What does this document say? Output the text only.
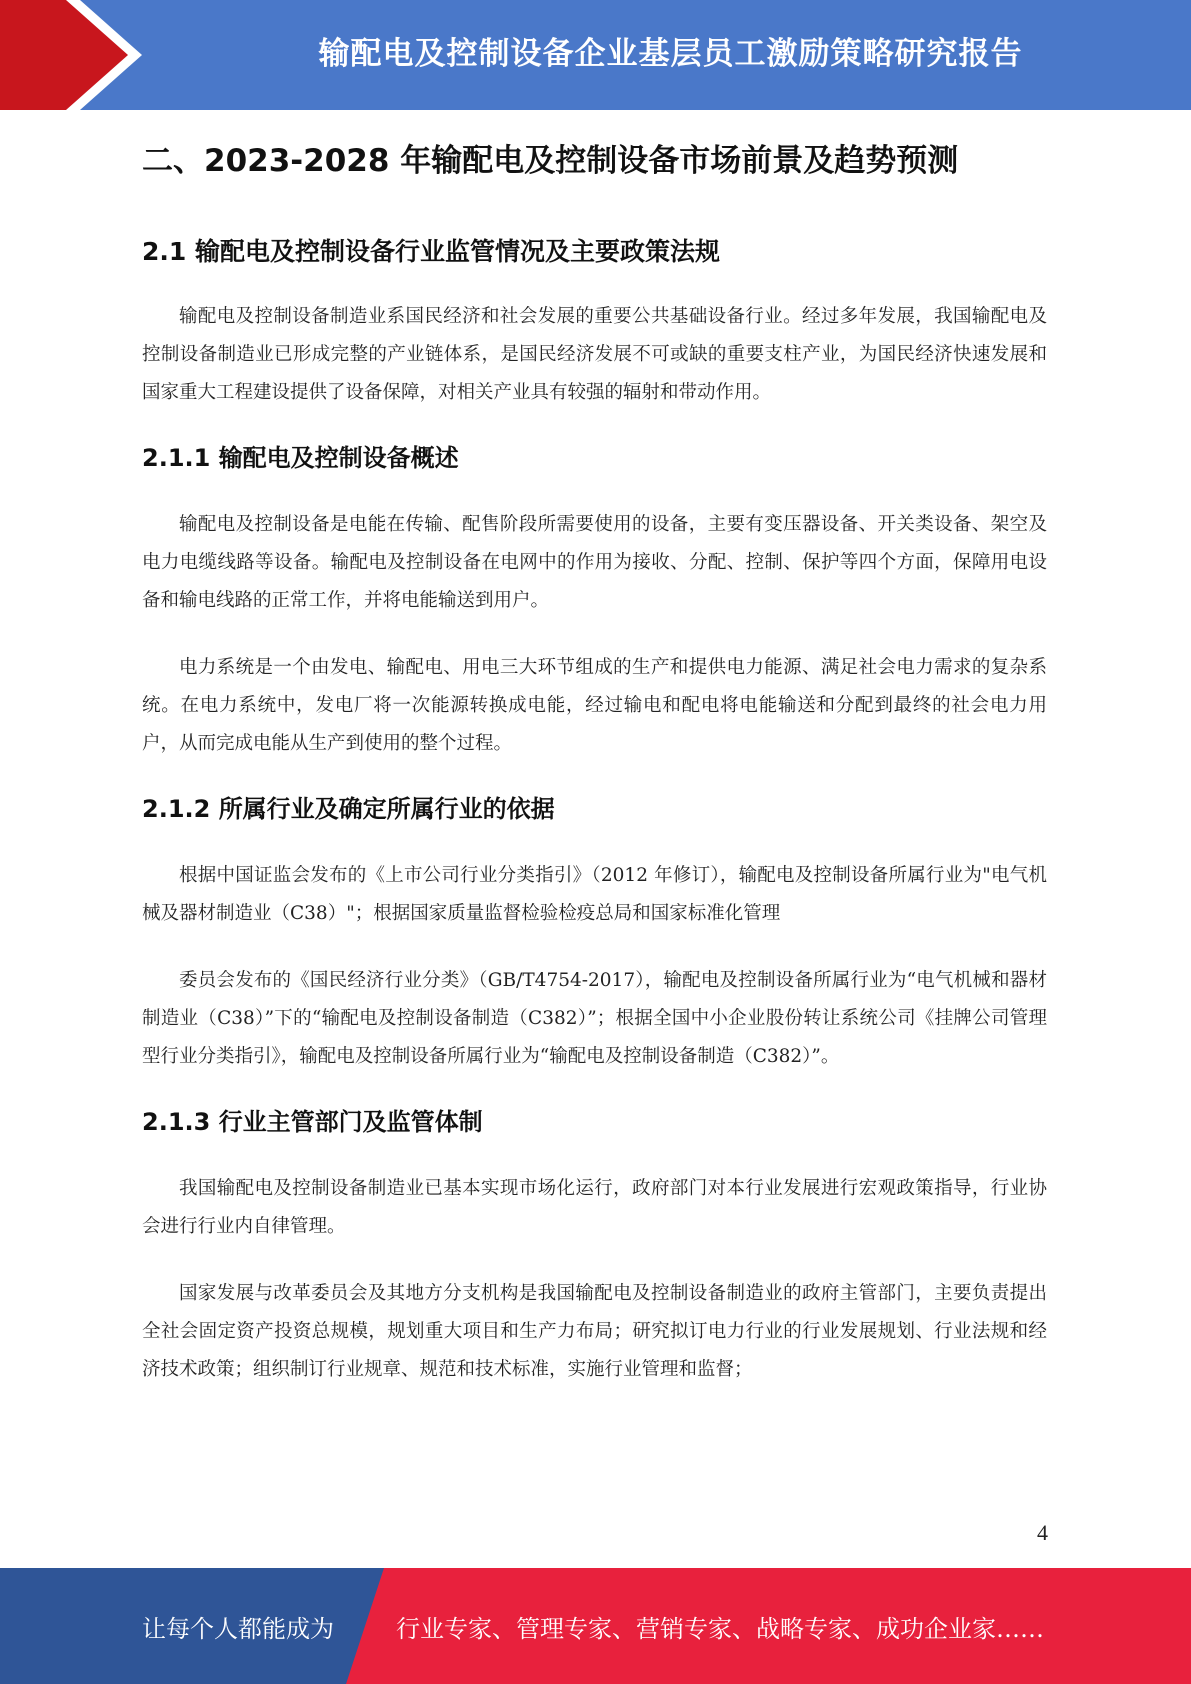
输配电及控制设备企业基层员工激励策略研究报告
二、2023-2028 年输配电及控制设备市场前景及趋势预测
2.1 输配电及控制设备行业监管情况及主要政策法规

输配电及控制设备制造业系国民经济和社会发展的重要公共基础设备行业。经过多年发展，我国输配电及控制设备制造业已形成完整的产业链体系，是国民经济发展不可或缺的重要支柱产业，为国民经济快速发展和国家重大工程建设提供了设备保障，对相关产业具有较强的辐射和带动作用。

2.1.1 输配电及控制设备概述

输配电及控制设备是电能在传输、配售阶段所需要使用的设备，主要有变压器设备、开关类设备、架空及电力电缆线路等设备。输配电及控制设备在电网中的作用为接收、分配、控制、保护等四个方面，保障用电设备和输电线路的正常工作，并将电能输送到用户。

电力系统是一个由发电、输配电、用电三大环节组成的生产和提供电力能源、满足社会电力需求的复杂系统。在电力系统中，发电厂将一次能源转换成电能，经过输电和配电将电能输送和分配到最终的社会电力用户，从而完成电能从生产到使用的整个过程。

2.1.2 所属行业及确定所属行业的依据

根据中国证监会发布的《上市公司行业分类指引》（2012 年修订），输配电及控制设备所属行业为"电气机械及器材制造业（C38）"；根据国家质量监督检验检疫总局和国家标准化管理

委员会发布的《国民经济行业分类》（GB/T4754-2017），输配电及控制设备所属行业为“电气机械和器材制造业（C38）”下的“输配电及控制设备制造（C382）”；根据全国中小企业股份转让系统公司《挂牌公司管理型行业分类指引》，输配电及控制设备所属行业为“输配电及控制设备制造（C382）”。

2.1.3 行业主管部门及监管体制

我国输配电及控制设备制造业已基本实现市场化运行，政府部门对本行业发展进行宏观政策指导，行业协会进行行业内自律管理。

国家发展与改革委员会及其地方分支机构是我国输配电及控制设备制造业的政府主管部门，主要负责提出全社会固定资产投资总规模，规划重大项目和生产力布局；研究拟订电力行业的行业发展规划、行业法规和经济技术政策；组织制订行业规章、规范和技术标准，实施行业管理和监督；

4
让每个人都能成为	行业专家、管理专家、营销专家、战略专家、成功企业家……
